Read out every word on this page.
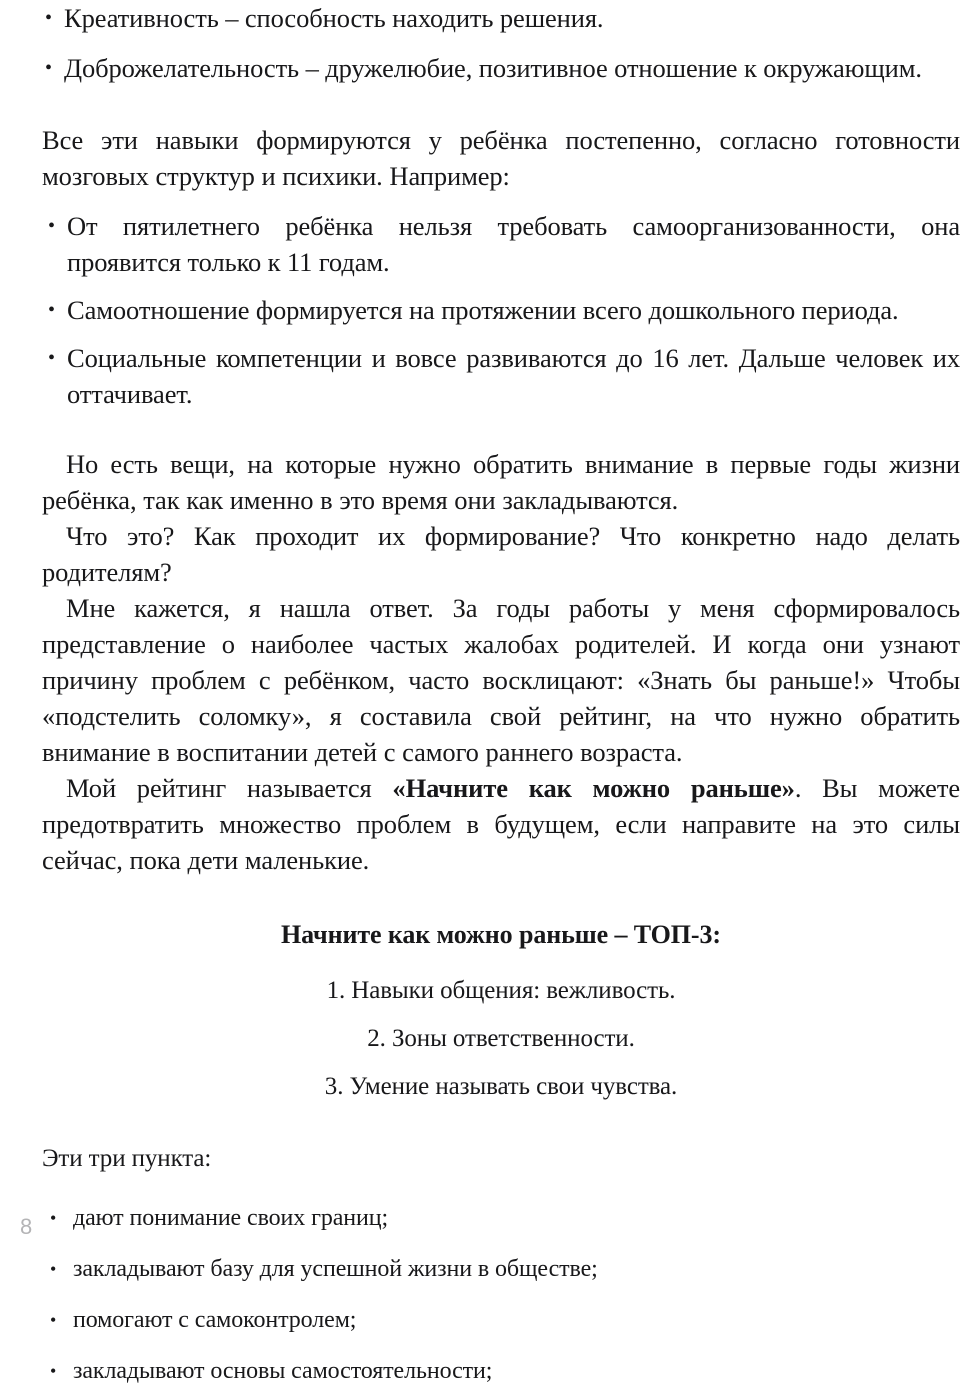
• Креативность – способность находить решения.
• Доброжелательность – дружелюбие, позитивное отношение к окружающим.

Все эти навыки формируются у ребёнка постепенно, согласно готовности мозговых структур и психики. Например:

• От пятилетнего ребёнка нельзя требовать самоорганизованности, она проявится только к 11 годам.
• Самоотношение формируется на протяжении всего дошкольного периода.
• Социальные компетенции и вовсе развиваются до 16 лет. Дальше человек их оттачивает.

Но есть вещи, на которые нужно обратить внимание в первые годы жизни ребёнка, так как именно в это время они закладываются.

Что это? Как проходит их формирование? Что конкретно надо делать родителям?

Мне кажется, я нашла ответ. За годы работы у меня сформировалось представление о наиболее частых жалобах родителей. И когда они узнают причину проблем с ребёнком, часто восклицают: «Знать бы раньше!» Чтобы «подстелить соломку», я составила свой рейтинг, на что нужно обратить внимание в воспитании детей с самого раннего возраста.

Мой рейтинг называется «Начните как можно раньше». Вы можете предотвратить множество проблем в будущем, если направите на это силы сейчас, пока дети маленькие.

Начните как можно раньше – ТОП-3:

1. Навыки общения: вежливость.
2. Зоны ответственности.
3. Умение называть свои чувства.

Эти три пункта:

• дают понимание своих границ;
• закладывают базу для успешной жизни в обществе;
• помогают с самоконтролем;
• закладывают основы самостоятельности;
8
